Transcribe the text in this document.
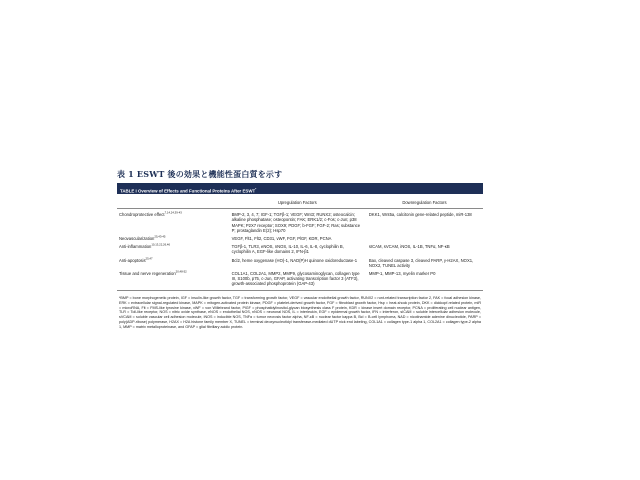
表 1 ESWT 後の効果と機能性蛋白質を示す
TABLE I Overview of Effects and Functional Proteins After ESWT*
	Upregulation Factors	Downregulation Factors
Chondroprotective effect$^{7,14,24,39-43}$	BMP-2, 3, 4, 7; IGF-1; TGFβ-1; VEGF; Wnt3; RUNX2; osteocalcin; alkaline phosphatase; osteopontin; FAK; ERK1/2; c-Fos; c-Jun; p38 MAPK; P2X7 receptor; SOX9; PDGF; b-FGF; FGF-2; Ras; substance P; prostaglandin E(2); Hsp70	DKK1, Wnt5a, calcitonin gene-related peptide, miR-138
Neovascularization$^{25,43-45}$	VEGF, Flt1, Flt2, CD31, vWF, FGF, PlGF, KDR, PCNA	
Anti-inflammation$^{10,13,22,26,46}$	TGFβ-1, TLR3, eNOS, nNOS, IL-10, IL-6, IL-8, cyclophilin B, cyclophilin A, EGF-like domains 2, IFN-β1	sICAM, sVCAM, iNOS, IL-1B, TNFα, NF-κB
Anti-apoptosis$^{25,47}$	Bcl2, heme oxygenase (HO)-1, NAD(P)H quinone oxidoreductase-1	Bax, cleaved caspase 3, cleaved PARP, γ-H2AX, NOX1, NOX2, TUNEL activity
Tissue and nerve regeneration$^{20,48-52}$	COL1A1, COL2A1, MMP2, MMP9, glycosaminoglycan, collagen type III, S100b, p75, c-Jun, GFAP, activating transcription factor 3 (ATF3), growth-associated phosphoprotein (GAP-43)	MMP-1, MMP-13, myelin marker P0
*BMP = bone morphogenetic protein, IGF = insulin-like growth factor, TGF = transforming growth factor, VEGF = vascular endothelial growth factor, RUNX2 = runt-related transcription factor 2, FAK = focal adhesion kinase, ERK = extracellular signal-regulated kinase, MAPK = mitogen-activated protein kinase, PDGF = platelet-derived growth factor, FGF = fibroblast growth factor, Hsp = heat-shock protein, DKK = dickkopf-related protein, miR = microRNA, Flt = FMS-like tyrosine kinase, vWF = von Willebrand factor, PlGF = phosphatidylinositol-glycan biosynthesis class F protein, KDR = kinase insert domain receptor, PCNA = proliferating cell nuclear antigen, TLR = Toll-like receptor, NOS = nitric oxide synthase, eNOS = endothelial NOS, nNOS = neuronal NOS, IL = interleukin, EGF = epidermal growth factor, IFN = interferon, sICAM = soluble intercellular adhesion molecule, sVCAM = soluble vascular cell adhesion molecule, iNOS = inducible NOS, TNFα = tumor necrosis factor alpha, NF-κB = nuclear factor kappa B, Bcl = B-cell lymphoma, NAD = nicotinamide adenine dinucleotide, PARP = poly(ADP-ribose) polymerase, H2AX = H2A histone family member X, TUNEL = terminal deoxynucleotidyl transferase-mediated dUTP nick end labeling, COL1A1 = collagen type-1 alpha 1, COL2A1 = collagen type-2 alpha 1, MMP = matrix metalloproteinase, and GFAP = glial fibrillary acidic protein.
